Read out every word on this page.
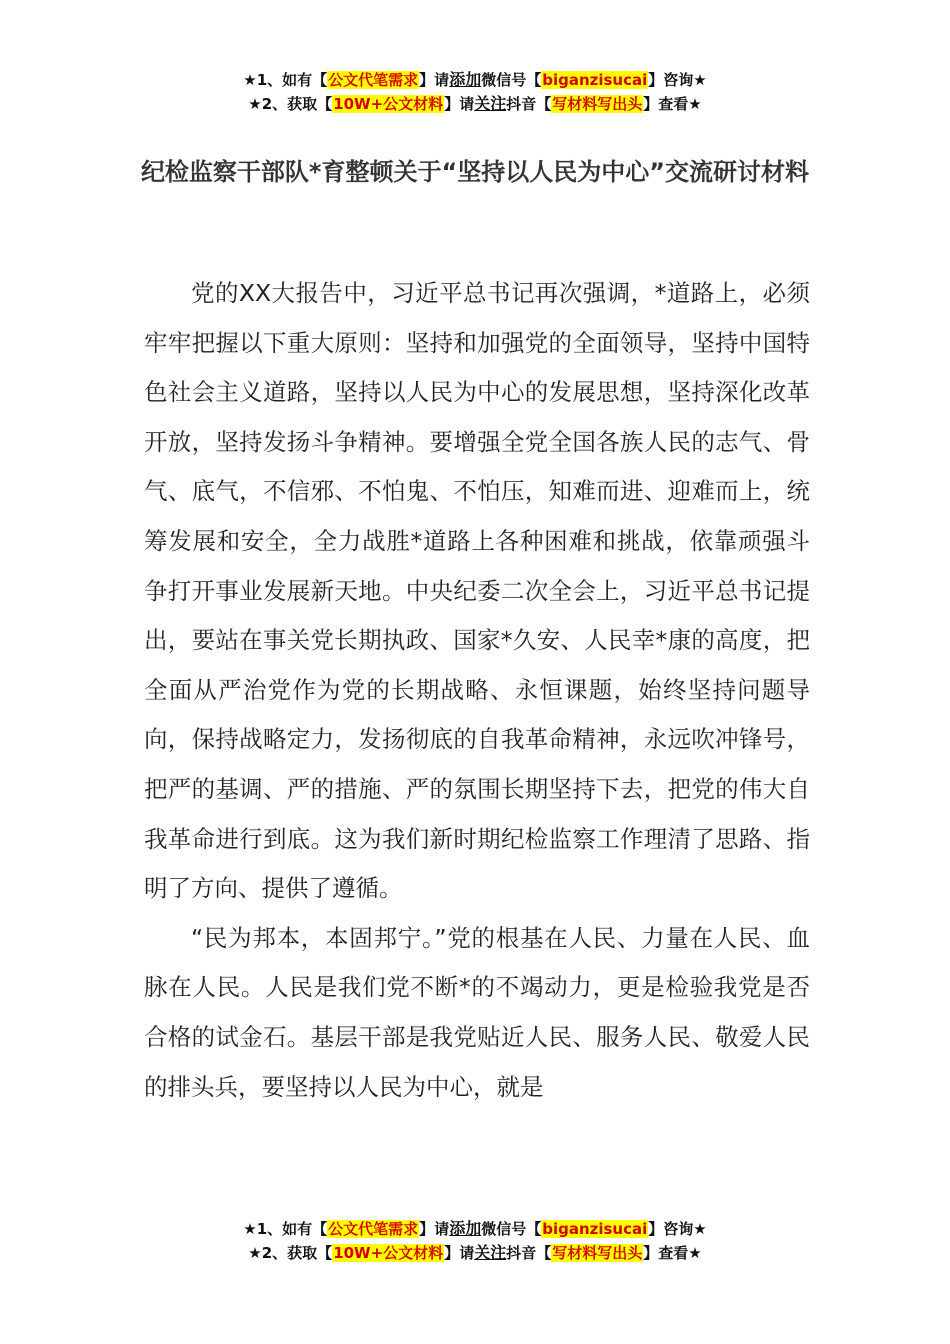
★1、如有【公文代笔需求】请添加微信号【biganzisucai】咨询★
★2、获取【10W+公文材料】请关注抖音【写材料写出头】查看★
纪检监察干部队*育整顿关于“坚持以人民为中心”交流研讨材料

党的XX大报告中，习近平总书记再次强调，*道路上，必须牢牢把握以下重大原则：坚持和加强党的全面领导，坚持中国特色社会主义道路，坚持以人民为中心的发展思想，坚持深化改革开放，坚持发扬斗争精神。要增强全党全国各族人民的志气、骨气、底气，不信邪、不怕鬼、不怕压，知难而进、迎难而上，统筹发展和安全，全力战胜*道路上各种困难和挑战，依靠顽强斗争打开事业发展新天地。中央纪委二次全会上，习近平总书记提出，要站在事关党长期执政、国家*久安、人民幸*康的高度，把全面从严治党作为党的长期战略、永恒课题，始终坚持问题导向，保持战略定力，发扬彻底的自我革命精神，永远吹冲锋号，把严的基调、严的措施、严的氛围长期坚持下去，把党的伟大自我革命进行到底。这为我们新时期纪检监察工作理清了思路、指明了方向、提供了遵循。

“民为邦本，本固邦宁。”党的根基在人民、力量在人民、血脉在人民。人民是我们党不断*的不竭动力，更是检验我党是否合格的试金石。基层干部是我党贴近人民、服务人民、敬爱人民的排头兵，要坚持以人民为中心，就是

★1、如有【公文代笔需求】请添加微信号【biganzisucai】咨询★
★2、获取【10W+公文材料】请关注抖音【写材料写出头】查看★
